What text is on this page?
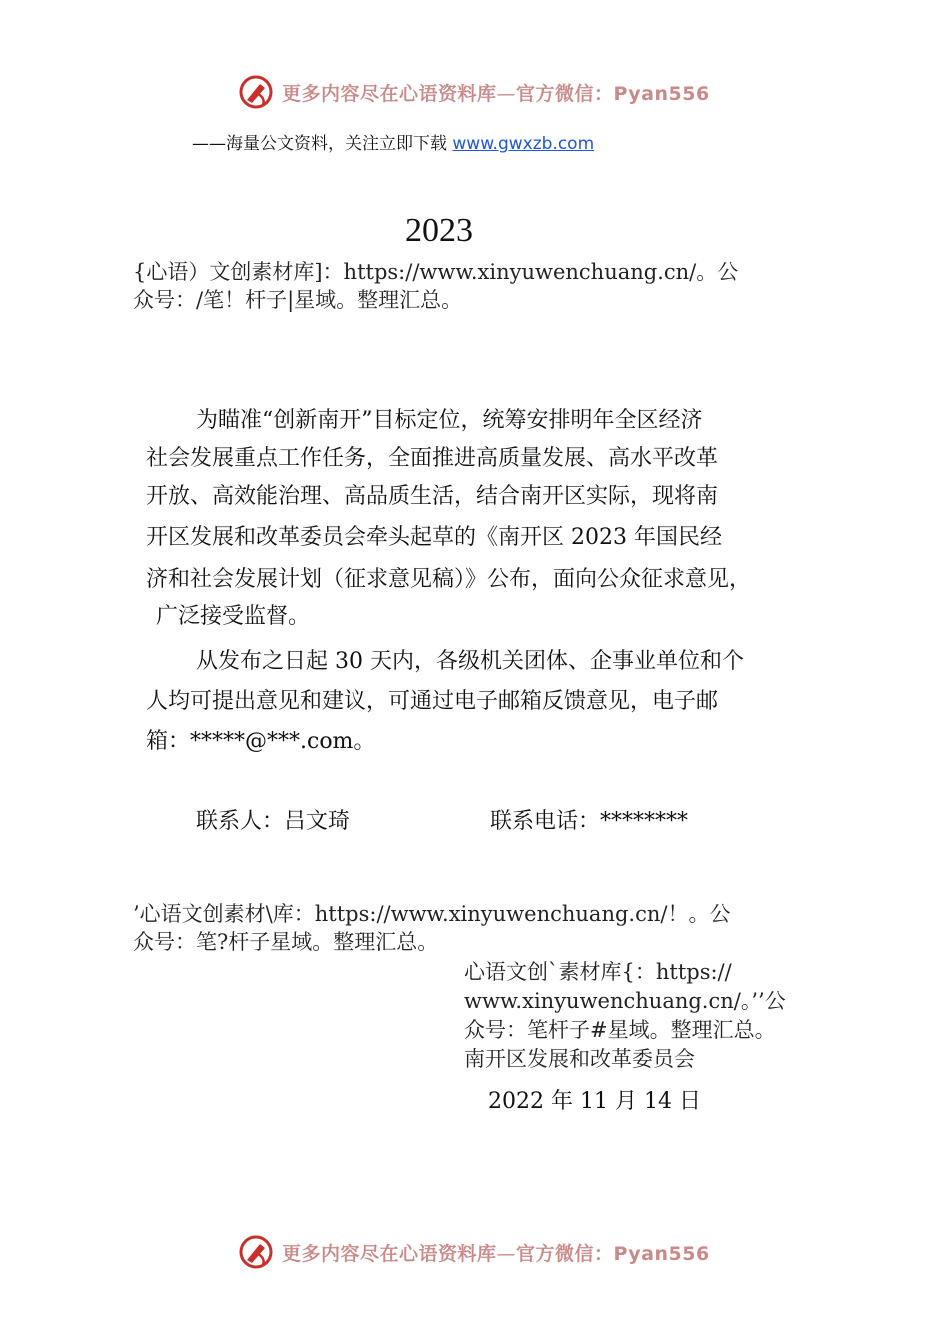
更多内容尽在心语资料库—官方微信：Pyan556
——海量公文资料，关注立即下载 www.gwxzb.com
2023
{心语）文创素材库]：https://www.xinyuwenchuang.cn/。公
众号：/笔！杆子|星域。整理汇总。
为瞄准“创新南开”目标定位，统筹安排明年全区经济
社会发展重点工作任务，全面推进高质量发展、高水平改革
开放、高效能治理、高品质生活，结合南开区实际，现将南
开区发展和改革委员会牵头起草的《南开区 2023 年国民经
济和社会发展计划（征求意见稿）》公布，面向公众征求意见，
广泛接受监督。
从发布之日起 30 天内，各级机关团体、企事业单位和个
人均可提出意见和建议，可通过电子邮箱反馈意见，电子邮
箱：*****@***.com。
联系人：吕文琦	联系电话：********
’心语文创素材\库：https://www.xinyuwenchuang.cn/！。公
众号：笔?杆子星域。整理汇总。
心语文创`素材库{：https://
www.xinyuwenchuang.cn/。’’公
众号：笔杆子#星域。整理汇总。
南开区发展和改革委员会
2022 年 11 月 14 日
更多内容尽在心语资料库—官方微信：Pyan556
